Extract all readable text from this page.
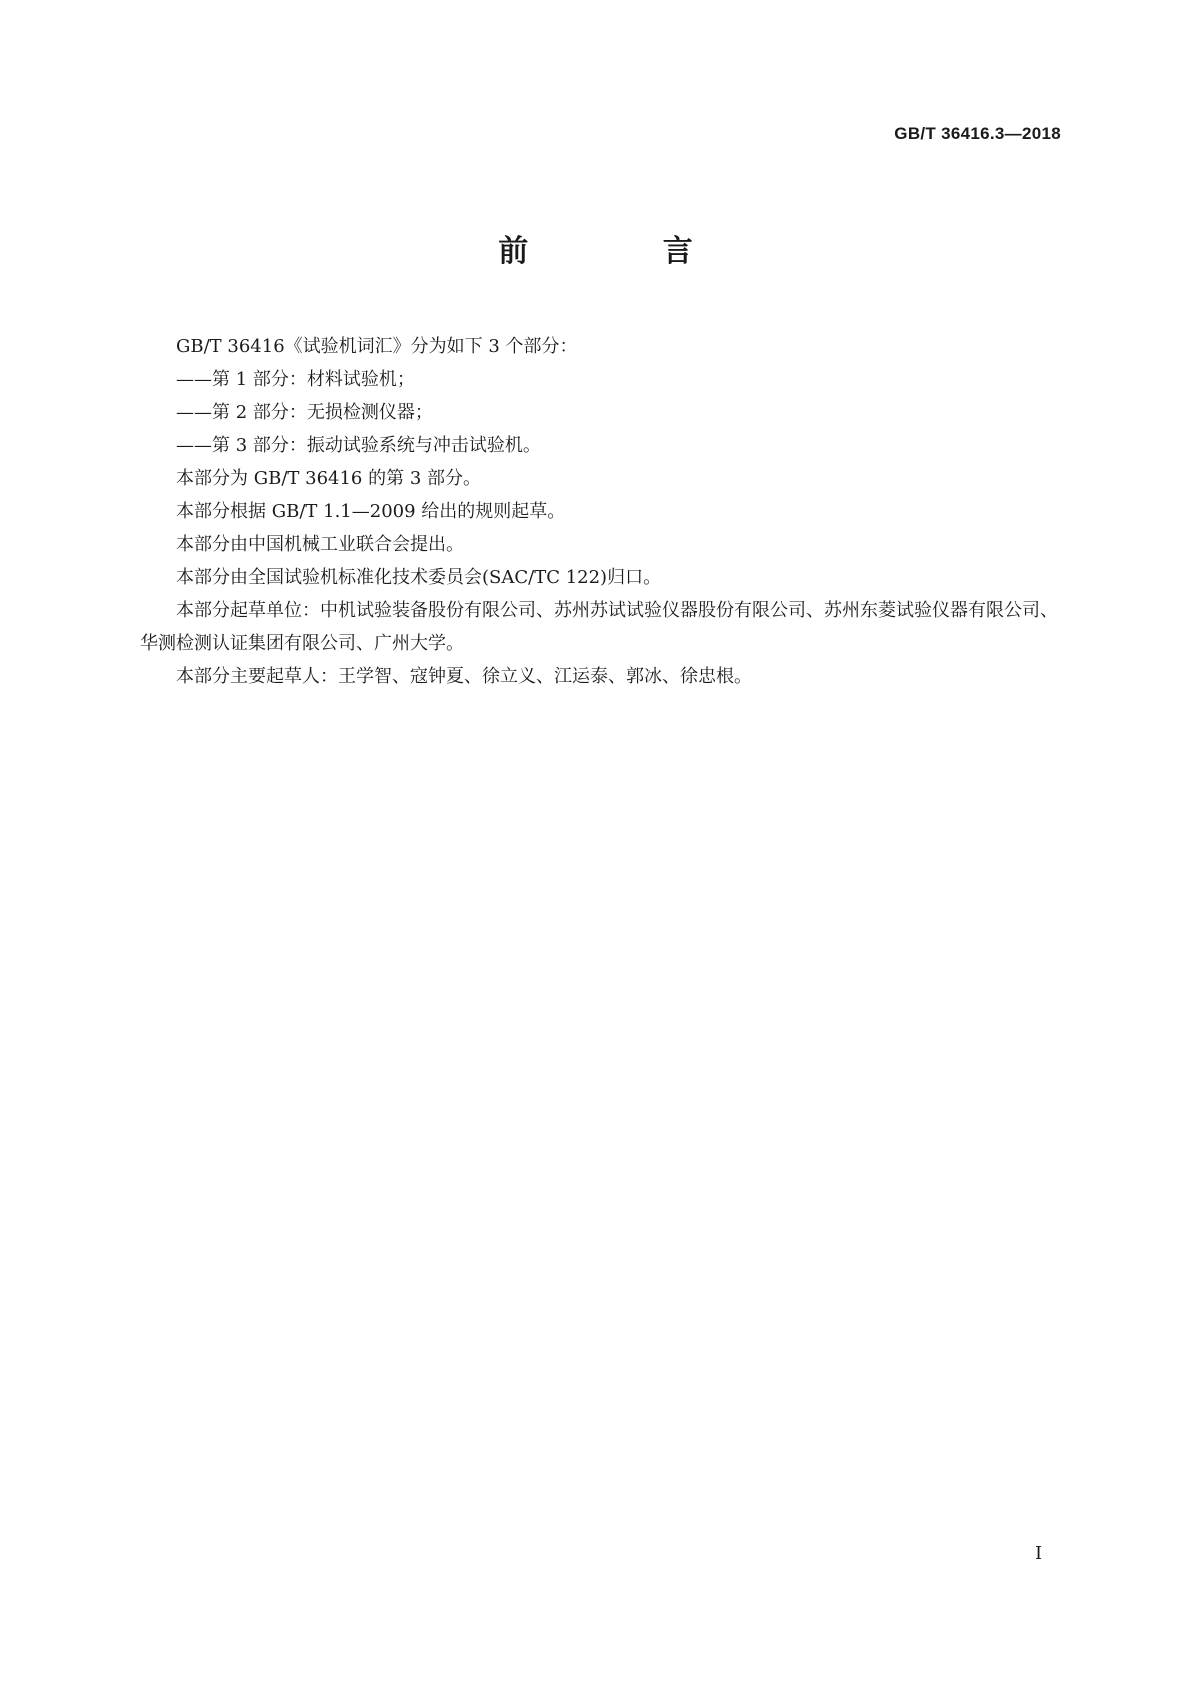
GB/T 36416.3—2018
前 言

GB/T 36416《试验机词汇》分为如下 3 个部分：

——第 1 部分：材料试验机；

——第 2 部分：无损检测仪器；

——第 3 部分：振动试验系统与冲击试验机。

本部分为 GB/T 36416 的第 3 部分。

本部分根据 GB/T 1.1—2009 给出的规则起草。

本部分由中国机械工业联合会提出。

本部分由全国试验机标准化技术委员会(SAC/TC 122)归口。

本部分起草单位：中机试验装备股份有限公司、苏州苏试试验仪器股份有限公司、苏州东菱试验仪器有限公司、华测检测认证集团有限公司、广州大学。

本部分主要起草人：王学智、寇钟夏、徐立义、江运泰、郭冰、徐忠根。

I
